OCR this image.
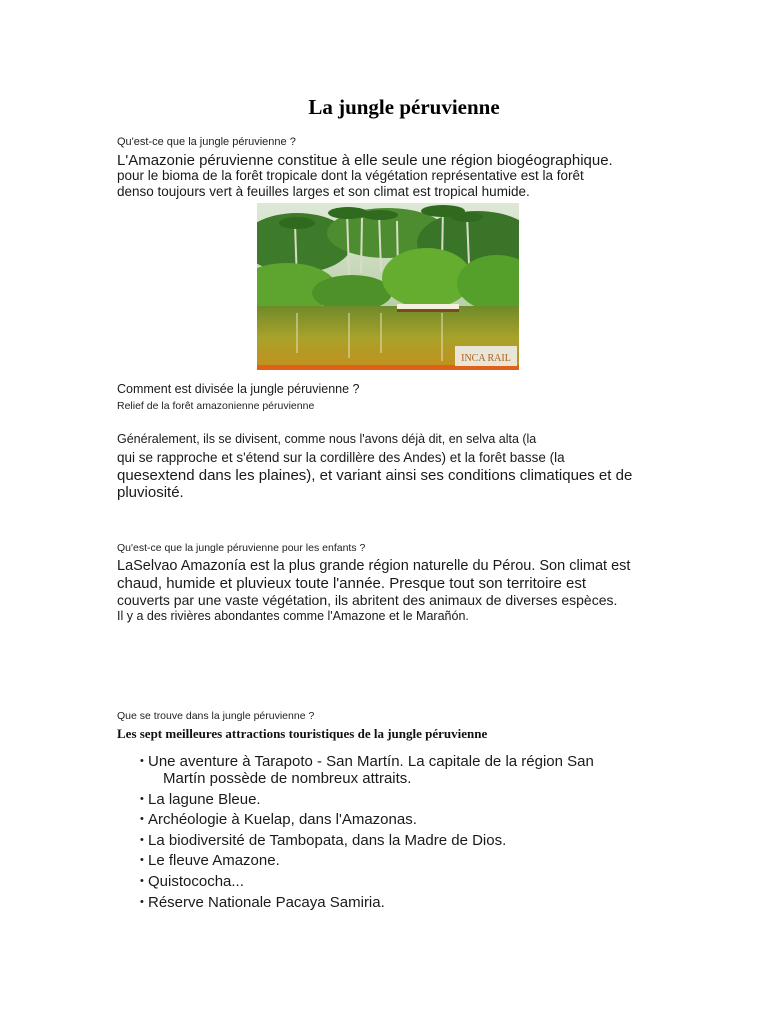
La jungle péruvienne
Qu'est-ce que la jungle péruvienne ?
L'Amazonie péruvienne constitue à elle seule une région biogéographique.
pour le bioma de la forêt tropicale dont la végétation représentative est la forêt
denso toujours vert à feuilles larges et son climat est tropical humide.
INCA RAIL
Comment est divisée la jungle péruvienne ?
Relief de la forêt amazonienne péruvienne
Généralement, ils se divisent, comme nous l'avons déjà dit, en selva alta (la
qui se rapproche et s'étend sur la cordillère des Andes) et la forêt basse (la
quesextend dans les plaines), et variant ainsi ses conditions climatiques et de
pluviosité.
Qu'est-ce que la jungle péruvienne pour les enfants ?
LaSelvao Amazonía est la plus grande région naturelle du Pérou. Son climat est
chaud, humide et pluvieux toute l'année. Presque tout son territoire est
couverts par une vaste végétation, ils abritent des animaux de diverses espèces.
Il y a des rivières abondantes comme l'Amazone et le Marañón.
Que se trouve dans la jungle péruvienne ?
Les sept meilleures attractions touristiques de la jungle péruvienne
• Une aventure à Tarapoto - San Martín. La capitale de la région San
Martín possède de nombreux attraits.
• La lagune Bleue.
• Archéologie à Kuelap, dans l'Amazonas.
• La biodiversité de Tambopata, dans la Madre de Dios.
• Le fleuve Amazone.
• Quistococha...
• Réserve Nationale Pacaya Samiria.
